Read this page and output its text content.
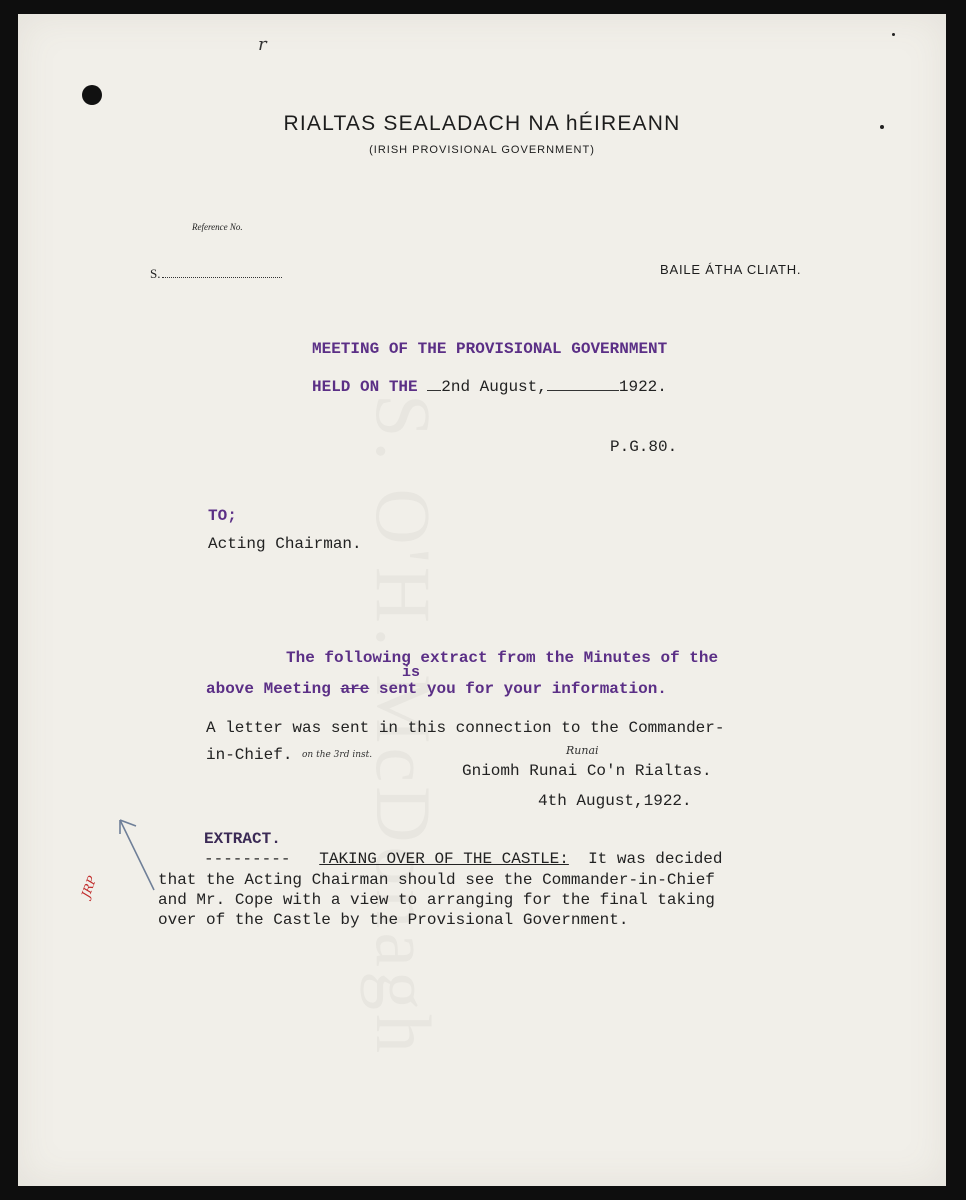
r
RIALTAS SEALADACH NA hÉIREANN
(IRISH PROVISIONAL GOVERNMENT)
Reference No.
S.	BAILE ÁTHA CLIATH.
MEETING OF THE PROVISIONAL GOVERNMENT
HELD ON THE 2nd August,	1922.
P.G.80.
TO;
Acting Chairman.
The following extract from the Minutes of the
is
above Meeting are sent you for your information.
A letter was sent in this connection to the Commander-
in-Chief. on the 3rd inst.	Runai
Gniomh Runai Co'n Rialtas.
4th August,1922.
EXTRACT.
--------- TAKING OVER OF THE CASTLE: It was decided
that the Acting Chairman should see the Commander-in-Chief
and Mr. Cope with a view to arranging for the final taking
over of the Castle by the Provisional Government.
JRP
